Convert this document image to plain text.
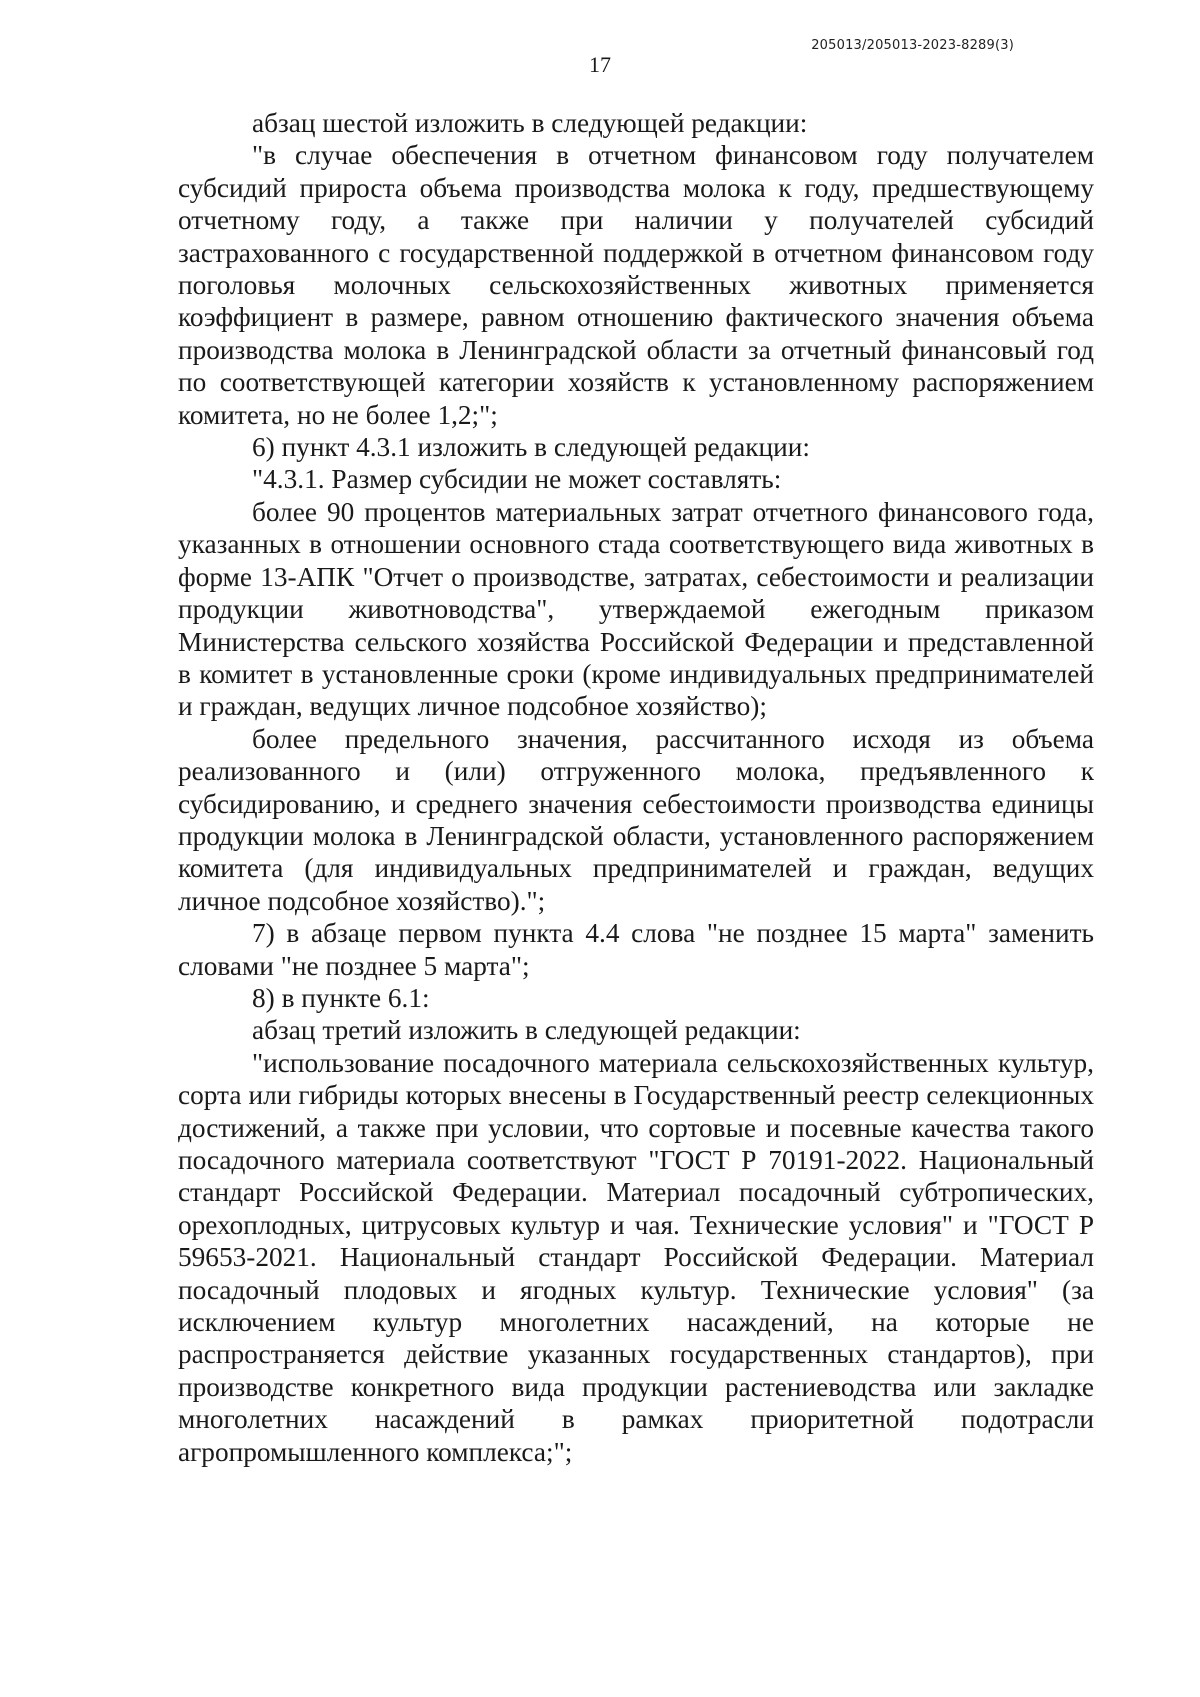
205013/205013-2023-8289(3)
17

абзац шестой изложить в следующей редакции:

"в случае обеспечения в отчетном финансовом году получателем субсидий прироста объема производства молока к году, предшествующему отчетному году, а также при наличии у получателей субсидий застрахованного с государственной поддержкой в отчетном финансовом году поголовья молочных сельскохозяйственных животных применяется коэффициент в размере, равном отношению фактического значения объема производства молока в Ленинградской области за отчетный финансовый год по соответствующей категории хозяйств к установленному распоряжением комитета, но не более 1,2;";

6) пункт 4.3.1 изложить в следующей редакции:

"4.3.1. Размер субсидии не может составлять:

более 90 процентов материальных затрат отчетного финансового года, указанных в отношении основного стада соответствующего вида животных в форме 13-АПК "Отчет о производстве, затратах, себестоимости и реализации продукции животноводства", утверждаемой ежегодным приказом Министерства сельского хозяйства Российской Федерации и представленной в комитет в установленные сроки (кроме индивидуальных предпринимателей и граждан, ведущих личное подсобное хозяйство);

более предельного значения, рассчитанного исходя из объема реализованного и (или) отгруженного молока, предъявленного к субсидированию, и среднего значения себестоимости производства единицы продукции молока в Ленинградской области, установленного распоряжением комитета (для индивидуальных предпринимателей и граждан, ведущих личное подсобное хозяйство).";

7) в абзаце первом пункта 4.4 слова "не позднее 15 марта" заменить словами "не позднее 5 марта";

8) в пункте 6.1:

абзац третий изложить в следующей редакции:

"использование посадочного материала сельскохозяйственных культур, сорта или гибриды которых внесены в Государственный реестр селекционных достижений, а также при условии, что сортовые и посевные качества такого посадочного материала соответствуют "ГОСТ Р 70191-2022. Национальный стандарт Российской Федерации. Материал посадочный субтропических, орехоплодных, цитрусовых культур и чая. Технические условия" и "ГОСТ Р 59653-2021. Национальный стандарт Российской Федерации. Материал посадочный плодовых и ягодных культур. Технические условия" (за исключением культур многолетних насаждений, на которые не распространяется действие указанных государственных стандартов), при производстве конкретного вида продукции растениеводства или закладке многолетних насаждений в рамках приоритетной подотрасли агропромышленного комплекса;";
